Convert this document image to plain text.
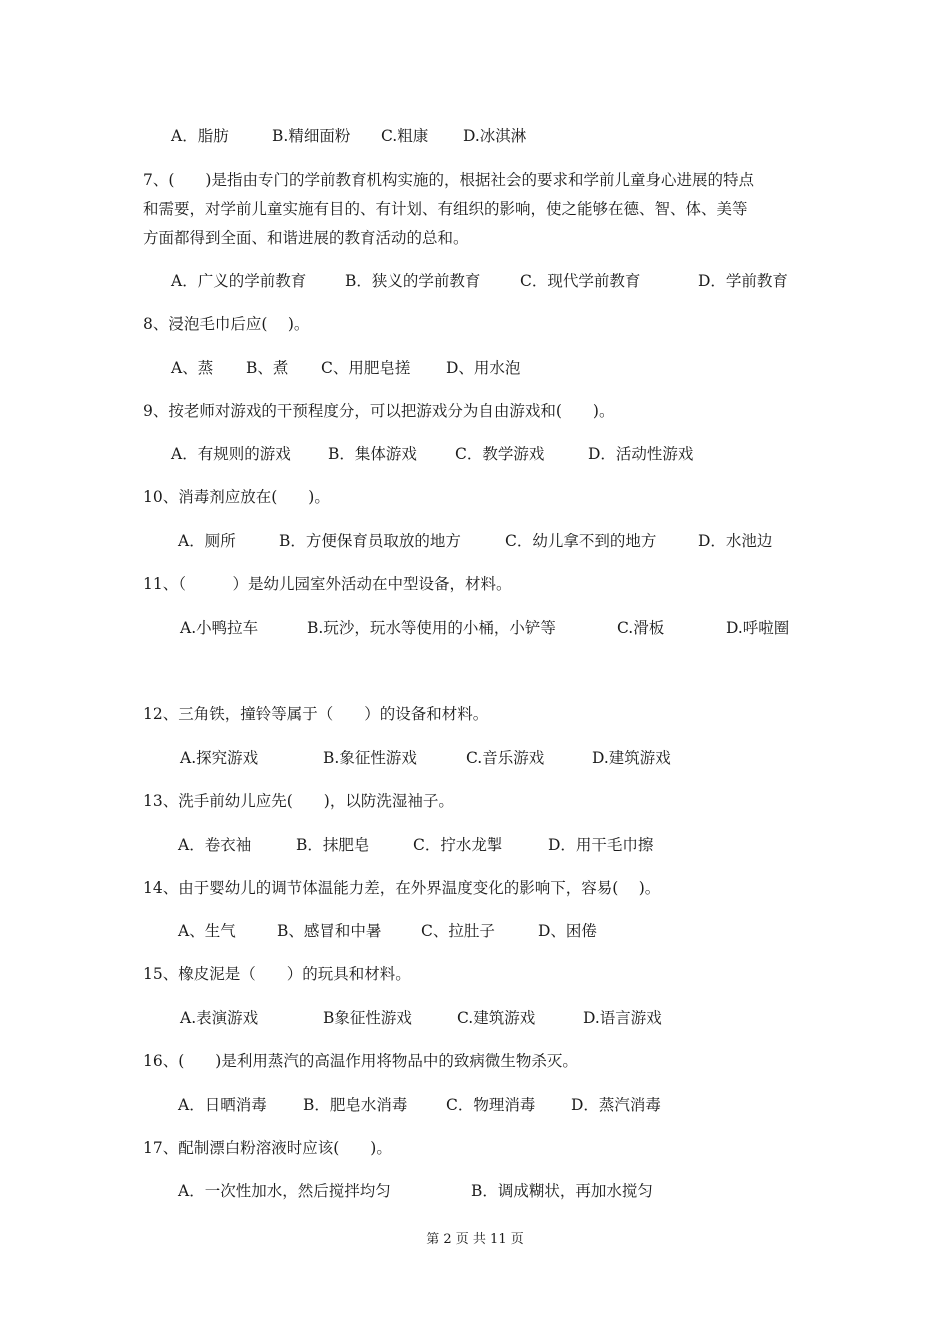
A．脂肪	B.精细面粉 C.粗康 D.冰淇淋
7、(　　)是指由专门的学前教育机构实施的，根据社会的要求和学前儿童身心进展的特点
和需要，对学前儿童实施有目的、有计划、有组织的影响，使之能够在德、智、体、美等
方面都得到全面、和谐进展的教育活动的总和。
A．广义的学前教育	B．狭义的学前教育	C．现代学前教育	D．学前教育
8、浸泡毛巾后应(　 )。
A、蒸 B、煮 C、用肥皂搓 D、用水泡
9、按老师对游戏的干预程度分，可以把游戏分为自由游戏和(　　)。
A．有规则的游戏 B．集体游戏 C．教学游戏	D．活动性游戏
10、消毒剂应放在(　　)。
A．厕所	B．方便保育员取放的地方	C．幼儿拿不到的地方	D．水池边
11、（　　　）是幼儿园室外活动在中型设备，材料。
A.小鸭拉车	B.玩沙，玩水等使用的小桶，小铲等	C.滑板	D.呼啦圈
12、三角铁，撞铃等属于（　　）的设备和材料。
A.探究游戏	B.象征性游戏	C.音乐游戏	D.建筑游戏
13、洗手前幼儿应先(　　)，以防洗湿袖子。
A．卷衣袖	B．抹肥皂	C．拧水龙掣	D．用干毛巾擦
14、由于婴幼儿的调节体温能力差，在外界温度变化的影响下，容易(　 )。
A、生气	B、感冒和中暑	C、拉肚子	D、困倦
15、橡皮泥是（　　）的玩具和材料。
A.表演游戏	B象征性游戏	C.建筑游戏	D.语言游戏
16、(　　)是利用蒸汽的高温作用将物品中的致病微生物杀灭。
A．日晒消毒 B．肥皂水消毒 C．物理消毒 D．蒸汽消毒
17、配制漂白粉溶液时应该(　　)。
A．一次性加水，然后搅拌均匀	B．调成糊状，再加水搅匀
第 2 页 共 11 页
